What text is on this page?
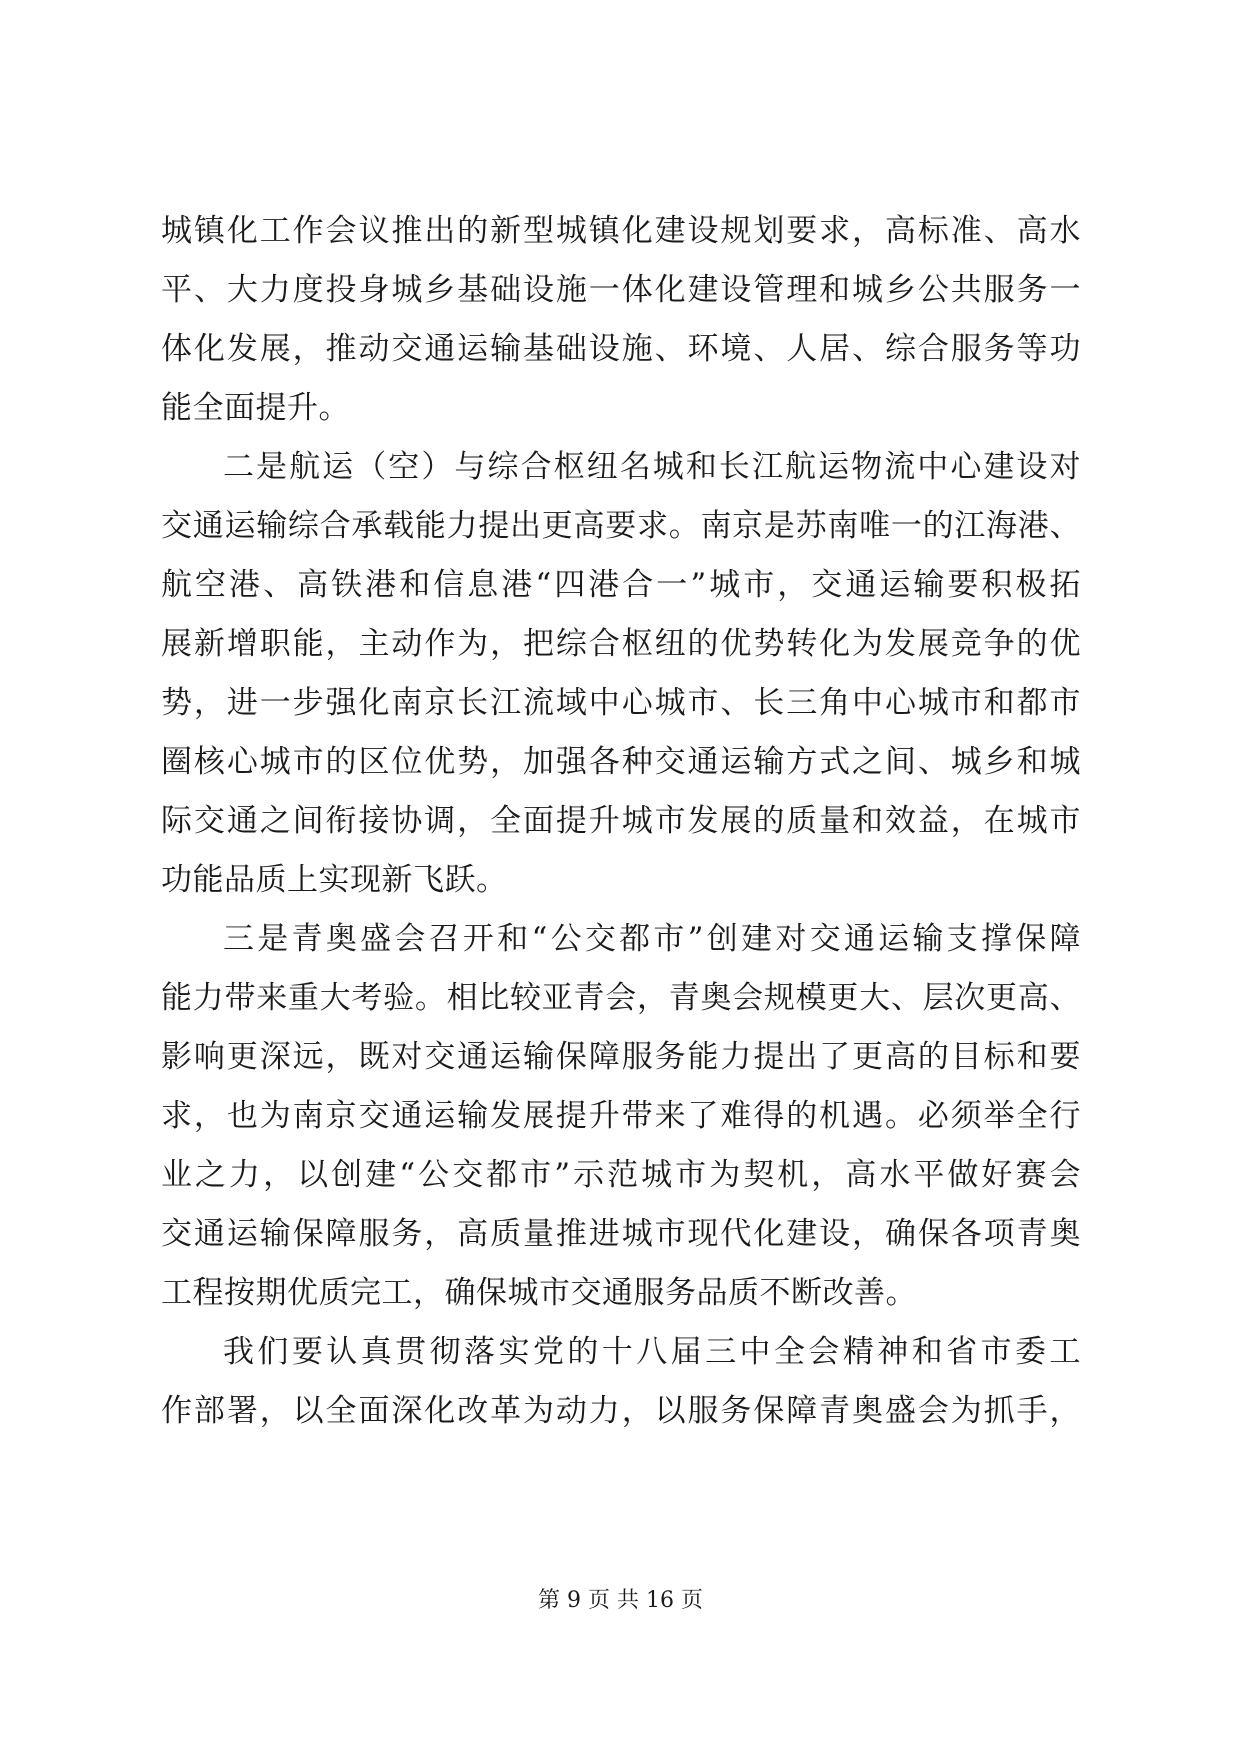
城镇化工作会议推出的新型城镇化建设规划要求，高标准、高水
平、大力度投身城乡基础设施一体化建设管理和城乡公共服务一
体化发展，推动交通运输基础设施、环境、人居、综合服务等功
能全面提升。
二是航运（空）与综合枢纽名城和长江航运物流中心建设对
交通运输综合承载能力提出更高要求。南京是苏南唯一的江海港、
航空港、高铁港和信息港“四港合一”城市，交通运输要积极拓
展新增职能，主动作为，把综合枢纽的优势转化为发展竞争的优
势，进一步强化南京长江流域中心城市、长三角中心城市和都市
圈核心城市的区位优势，加强各种交通运输方式之间、城乡和城
际交通之间衔接协调，全面提升城市发展的质量和效益，在城市
功能品质上实现新飞跃。
三是青奥盛会召开和“公交都市”创建对交通运输支撑保障
能力带来重大考验。相比较亚青会，青奥会规模更大、层次更高、
影响更深远，既对交通运输保障服务能力提出了更高的目标和要
求，也为南京交通运输发展提升带来了难得的机遇。必须举全行
业之力，以创建“公交都市”示范城市为契机，高水平做好赛会
交通运输保障服务，高质量推进城市现代化建设，确保各项青奥
工程按期优质完工，确保城市交通服务品质不断改善。
我们要认真贯彻落实党的十八届三中全会精神和省市委工
作部署，以全面深化改革为动力，以服务保障青奥盛会为抓手，
第 9 页 共 16 页
